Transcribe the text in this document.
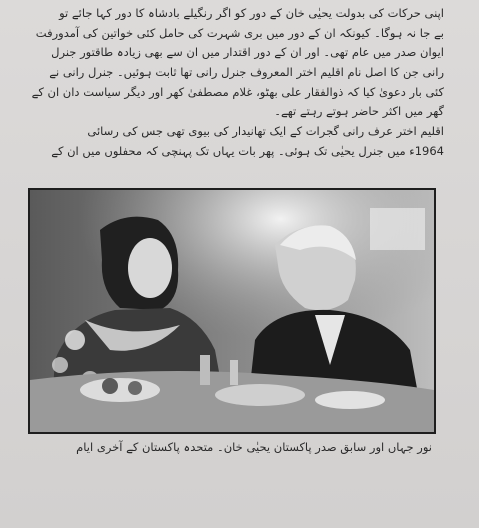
اپنی حرکات کی بدولت یحیٰی خان کے دور کو اگر رنگیلے بادشاہ کا دور کہا جائے تو
بے جا نہ ہوگا۔ کیونکہ ان کے دور میں بری شہرت کی حامل کئی خواتین کی آمدورفت
ایوان صدر میں عام تھی۔ اور ان کے دور اقتدار میں ان سے بھی زیادہ طاقتور جنرل
رانی جن کا اصل نام اقلیم اختر المعروف جنرل رانی تھا ثابت ہوئیں۔ جنرل رانی نے
کئی بار دعویٰ کیا کہ ذوالفقار علی بھٹو، غلام مصطفیٰ کھر اور دیگر سیاست دان ان کے
گھر میں اکثر حاضر ہوتے رہتے تھے۔
اقلیم اختر عرف رانی گجرات کے ایک تھانیدار کی بیوی تھی جس کی رسائی
1964ء میں جنرل یحیٰی تک ہوئی۔ پھر بات یہاں تک پہنچی کہ محفلوں میں ان کے
نور جہاں اور سابق صدر پاکستان یحیٰی خان۔ متحدہ پاکستان کے آخری ایام
